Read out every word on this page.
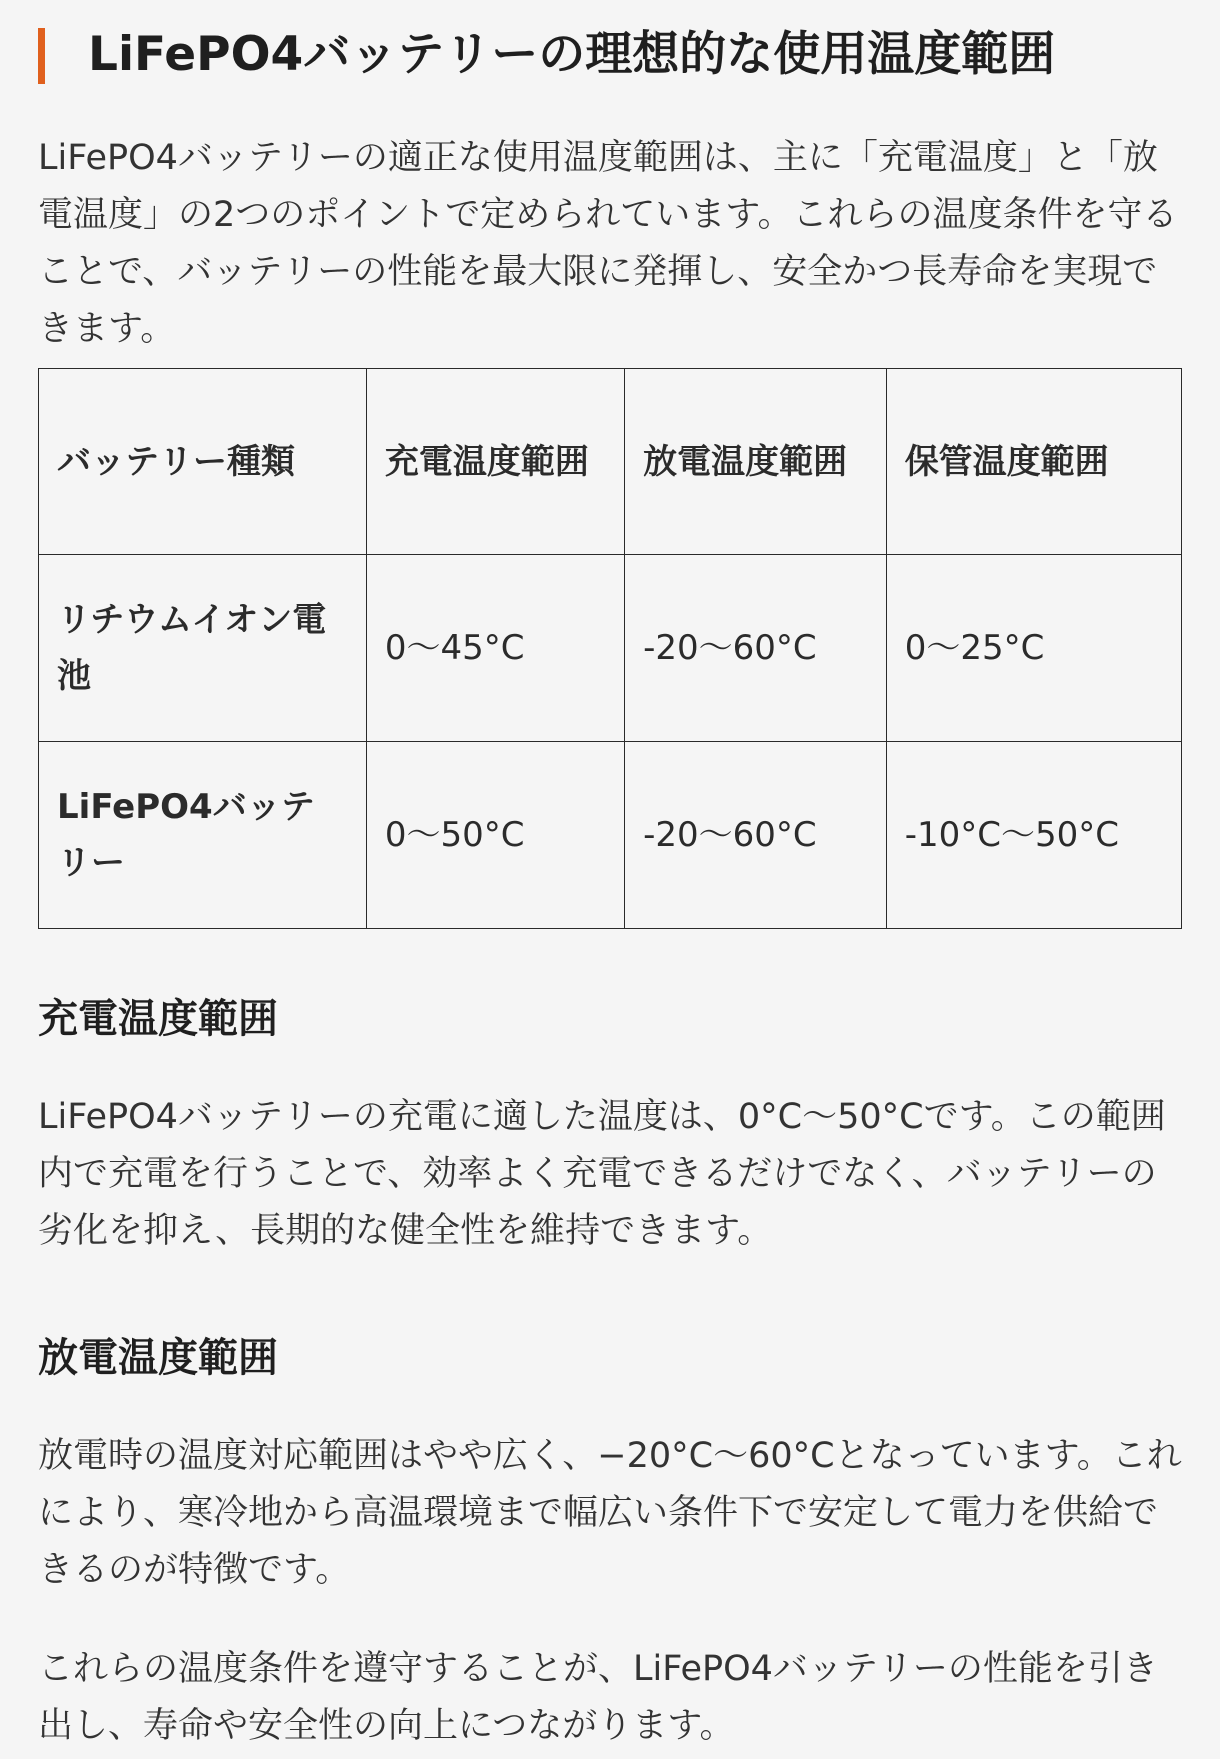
LiFePO4バッテリーの理想的な使用温度範囲

LiFePO4バッテリーの適正な使用温度範囲は、主に「充電温度」と「放電温度」の2つのポイントで定められています。これらの温度条件を守ることで、バッテリーの性能を最大限に発揮し、安全かつ長寿命を実現できます。

バッテリー種類	充電温度範囲	放電温度範囲	保管温度範囲
リチウムイオン電池	0～45°C	-20～60°C	0～25°C
LiFePO4バッテリー	0～50°C	-20～60°C	-10°C～50°C
充電温度範囲

LiFePO4バッテリーの充電に適した温度は、0°C～50°Cです。この範囲内で充電を行うことで、効率よく充電できるだけでなく、バッテリーの劣化を抑え、長期的な健全性を維持できます。

放電温度範囲

放電時の温度対応範囲はやや広く、−20°C～60°Cとなっています。これにより、寒冷地から高温環境まで幅広い条件下で安定して電力を供給できるのが特徴です。

これらの温度条件を遵守することが、LiFePO4バッテリーの性能を引き出し、寿命や安全性の向上につながります。
